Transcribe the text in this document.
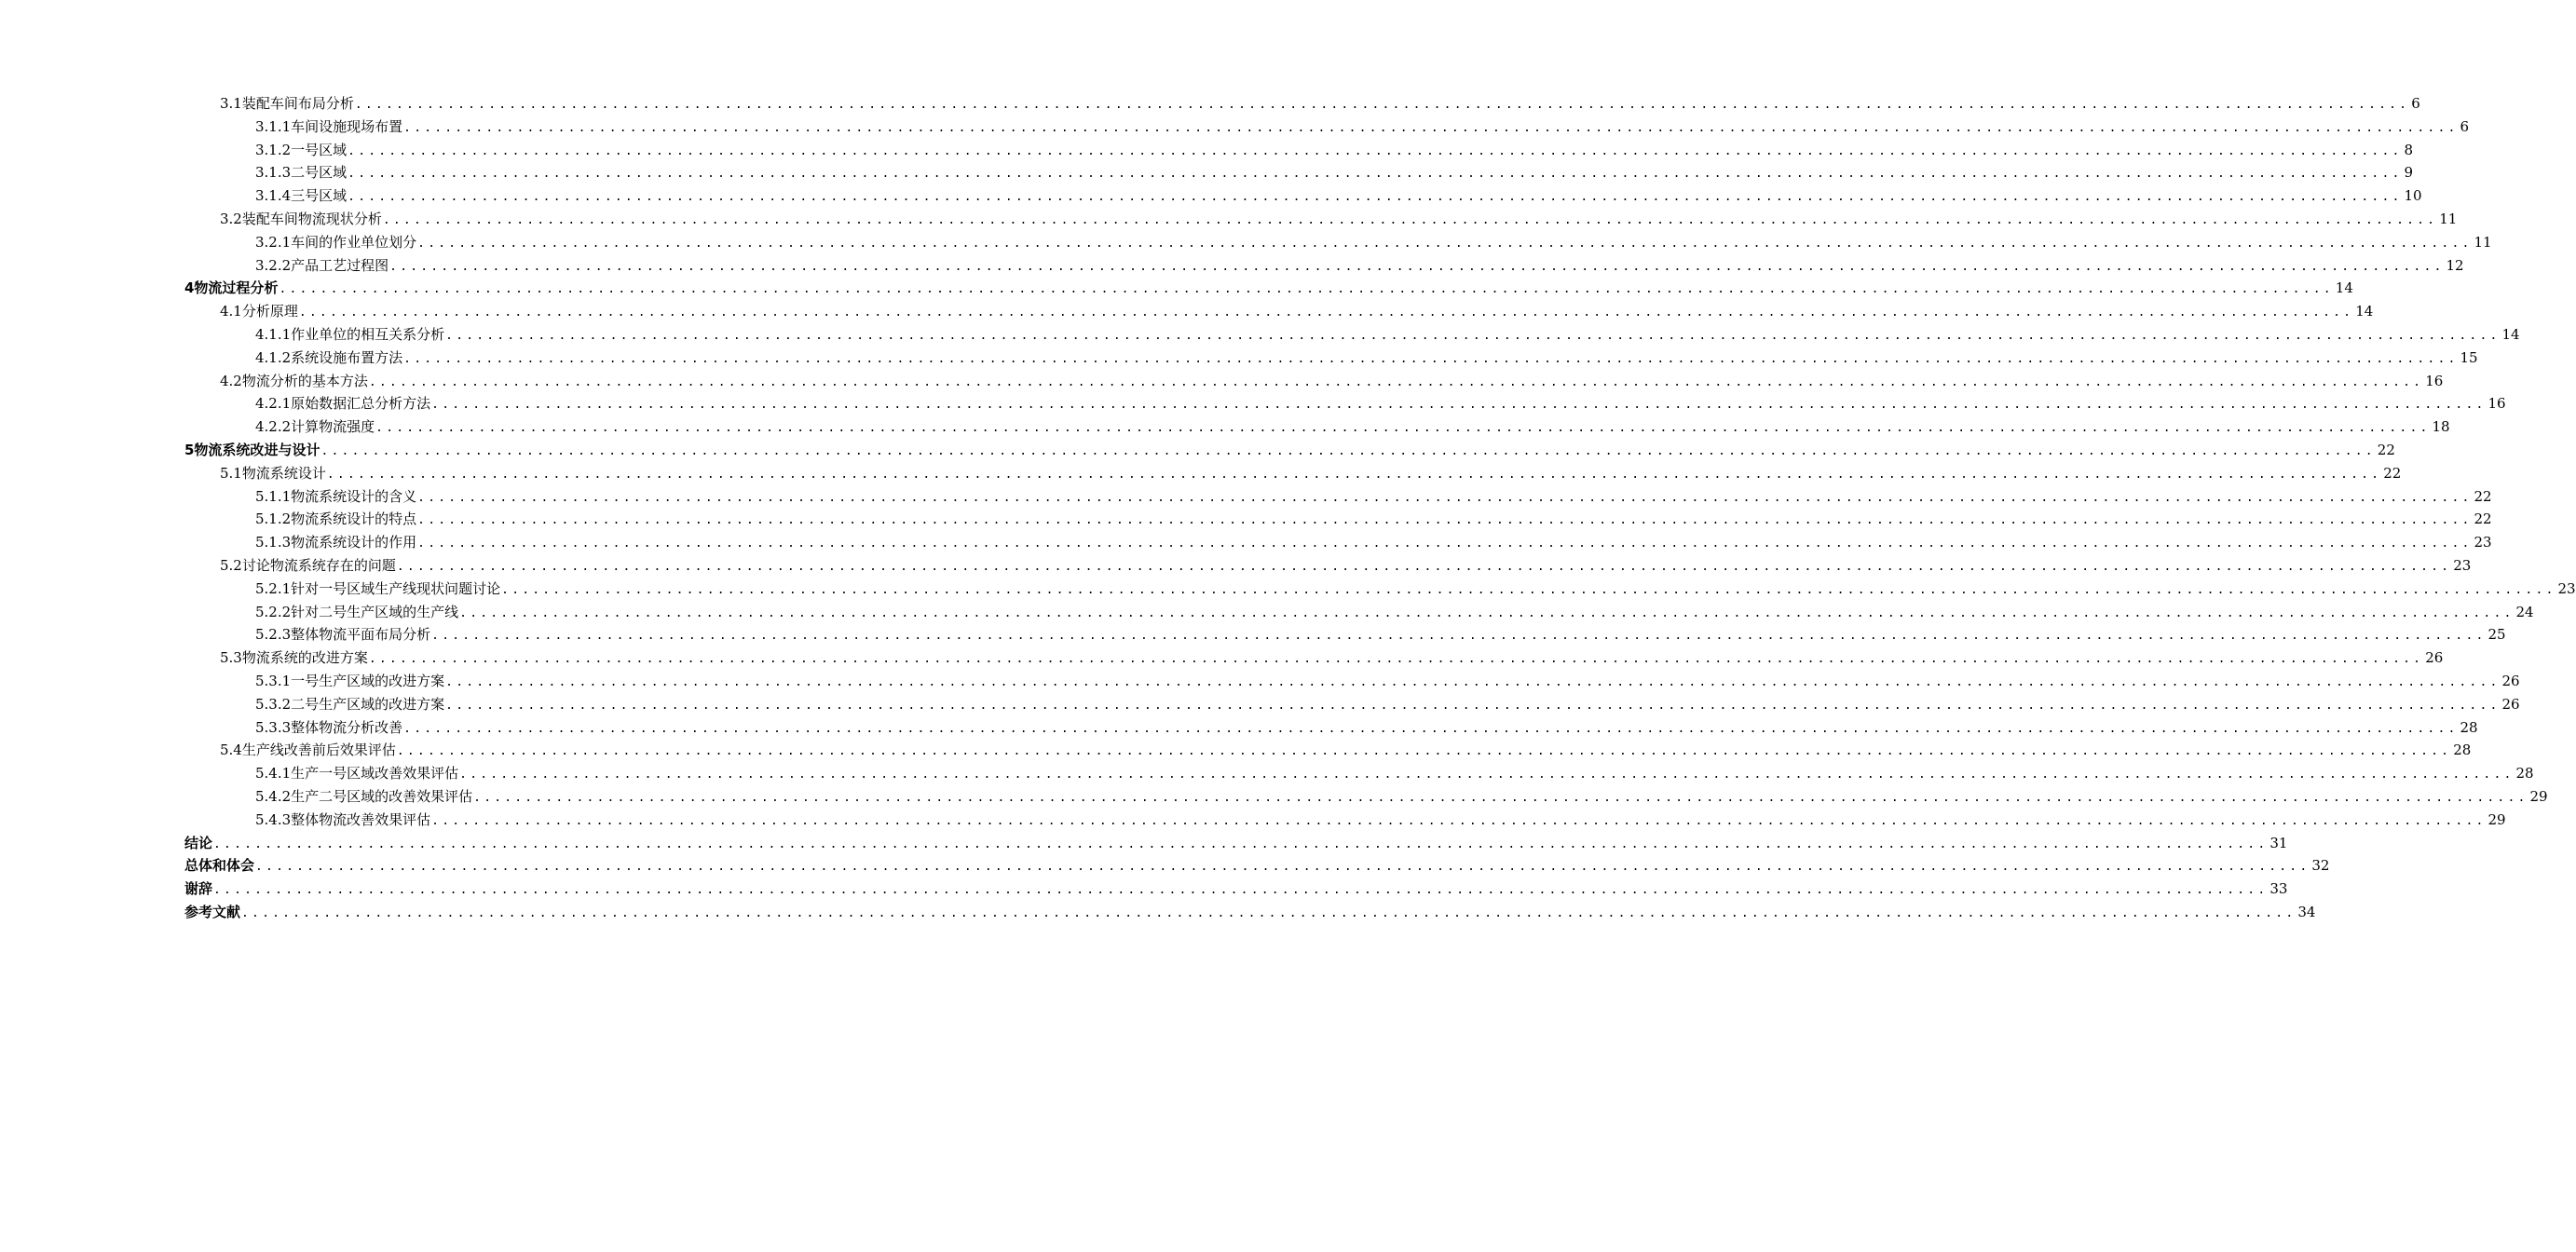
3.1装配车间布局分析 ........................................................................................................................................................................................................ 6
3.1.1车间设施现场布置 ........................................................................................................................................................................................................ 6
3.1.2一号区域 ........................................................................................................................................................................................................ 8
3.1.3二号区域 ........................................................................................................................................................................................................ 9
3.1.4三号区域 ........................................................................................................................................................................................................ 10
3.2装配车间物流现状分析 ........................................................................................................................................................................................................ 11
3.2.1车间的作业单位划分 ........................................................................................................................................................................................................ 11
3.2.2产品工艺过程图 ........................................................................................................................................................................................................ 12
4物流过程分析 ........................................................................................................................................................................................................ 14
4.1分析原理 ........................................................................................................................................................................................................ 14
4.1.1作业单位的相互关系分析 ........................................................................................................................................................................................................ 14
4.1.2系统设施布置方法 ........................................................................................................................................................................................................ 15
4.2物流分析的基本方法 ........................................................................................................................................................................................................ 16
4.2.1原始数据汇总分析方法 ........................................................................................................................................................................................................ 16
4.2.2计算物流强度 ........................................................................................................................................................................................................ 18
5物流系统改进与设计 ........................................................................................................................................................................................................ 22
5.1物流系统设计 ........................................................................................................................................................................................................ 22
5.1.1物流系统设计的含义 ........................................................................................................................................................................................................ 22
5.1.2物流系统设计的特点 ........................................................................................................................................................................................................ 22
5.1.3物流系统设计的作用 ........................................................................................................................................................................................................ 23
5.2讨论物流系统存在的问题 ........................................................................................................................................................................................................ 23
5.2.1针对一号区域生产线现状问题讨论 ........................................................................................................................................................................................................ 23
5.2.2针对二号生产区域的生产线 ........................................................................................................................................................................................................ 24
5.2.3整体物流平面布局分析 ........................................................................................................................................................................................................ 25
5.3物流系统的改进方案 ........................................................................................................................................................................................................ 26
5.3.1一号生产区域的改进方案 ........................................................................................................................................................................................................ 26
5.3.2二号生产区域的改进方案 ........................................................................................................................................................................................................ 26
5.3.3整体物流分析改善 ........................................................................................................................................................................................................ 28
5.4生产线改善前后效果评估 ........................................................................................................................................................................................................ 28
5.4.1生产一号区域改善效果评估 ........................................................................................................................................................................................................ 28
5.4.2生产二号区域的改善效果评估 ........................................................................................................................................................................................................ 29
5.4.3整体物流改善效果评估 ........................................................................................................................................................................................................ 29
结论 ........................................................................................................................................................................................................ 31
总体和体会 ........................................................................................................................................................................................................ 32
谢辞 ........................................................................................................................................................................................................ 33
参考文献 ........................................................................................................................................................................................................ 34
